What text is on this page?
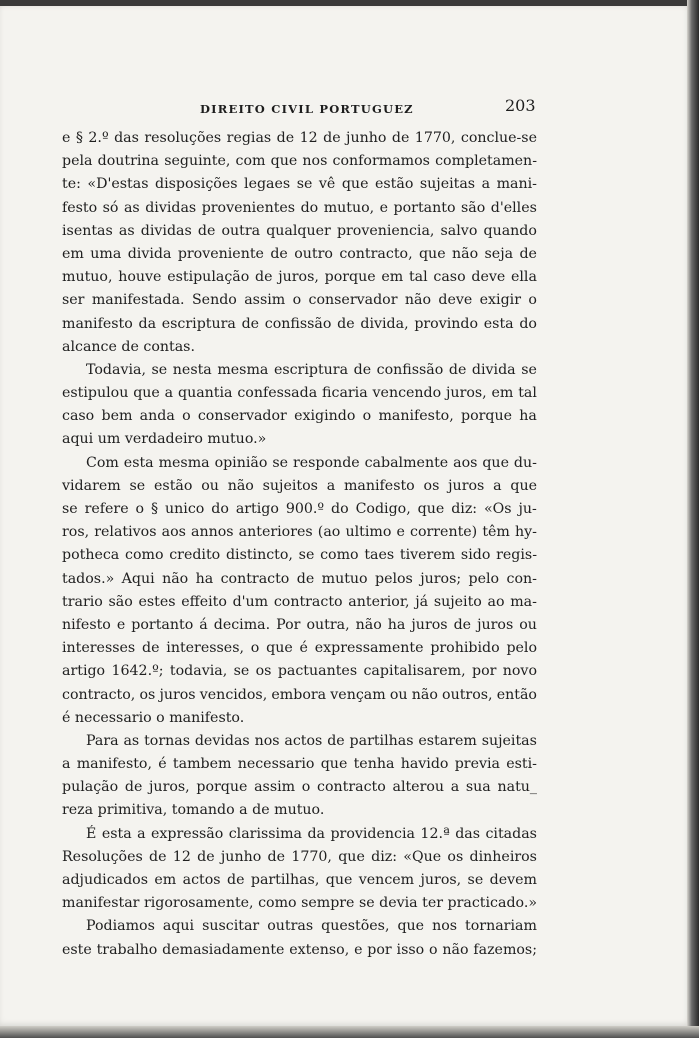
DIREITO CIVIL PORTUGUEZ	203
e § 2.º das resoluções regias de 12 de junho de 1770, conclue-se
pela doutrina seguinte, com que nos conformamos completamen-
te: «D'estas disposições legaes se vê que estão sujeitas a mani-
festo só as dividas provenientes do mutuo, e portanto são d'elles
isentas as dividas de outra qualquer proveniencia, salvo quando
em uma divida proveniente de outro contracto, que não seja de
mutuo, houve estipulação de juros, porque em tal caso deve ella
ser manifestada. Sendo assim o conservador não deve exigir o
manifesto da escriptura de confissão de divida, provindo esta do
alcance de contas.
Todavia, se nesta mesma escriptura de confissão de divida se
estipulou que a quantia confessada ficaria vencendo juros, em tal
caso bem anda o conservador exigindo o manifesto, porque ha
aqui um verdadeiro mutuo.»
Com esta mesma opinião se responde cabalmente aos que du-
vidarem se estão ou não sujeitos a manifesto os juros a que
se refere o § unico do artigo 900.º do Codigo, que diz: «Os ju-
ros, relativos aos annos anteriores (ao ultimo e corrente) têm hy-
potheca como credito distincto, se como taes tiverem sido regis-
tados.» Aqui não ha contracto de mutuo pelos juros; pelo con-
trario são estes effeito d'um contracto anterior, já sujeito ao ma-
nifesto e portanto á decima. Por outra, não ha juros de juros ou
interesses de interesses, o que é expressamente prohibido pelo
artigo 1642.º; todavia, se os pactuantes capitalisarem, por novo
contracto, os juros vencidos, embora vençam ou não outros, então
é necessario o manifesto.
Para as tornas devidas nos actos de partilhas estarem sujeitas
a manifesto, é tambem necessario que tenha havido previa esti-
pulação de juros, porque assim o contracto alterou a sua natu_
reza primitiva, tomando a de mutuo.
É esta a expressão clarissima da providencia 12.ª das citadas
Resoluções de 12 de junho de 1770, que diz: «Que os dinheiros
adjudicados em actos de partilhas, que vencem juros, se devem
manifestar rigorosamente, como sempre se devia ter practicado.»
Podiamos aqui suscitar outras questões, que nos tornariam
este trabalho demasiadamente extenso, e por isso o não fazemos;
